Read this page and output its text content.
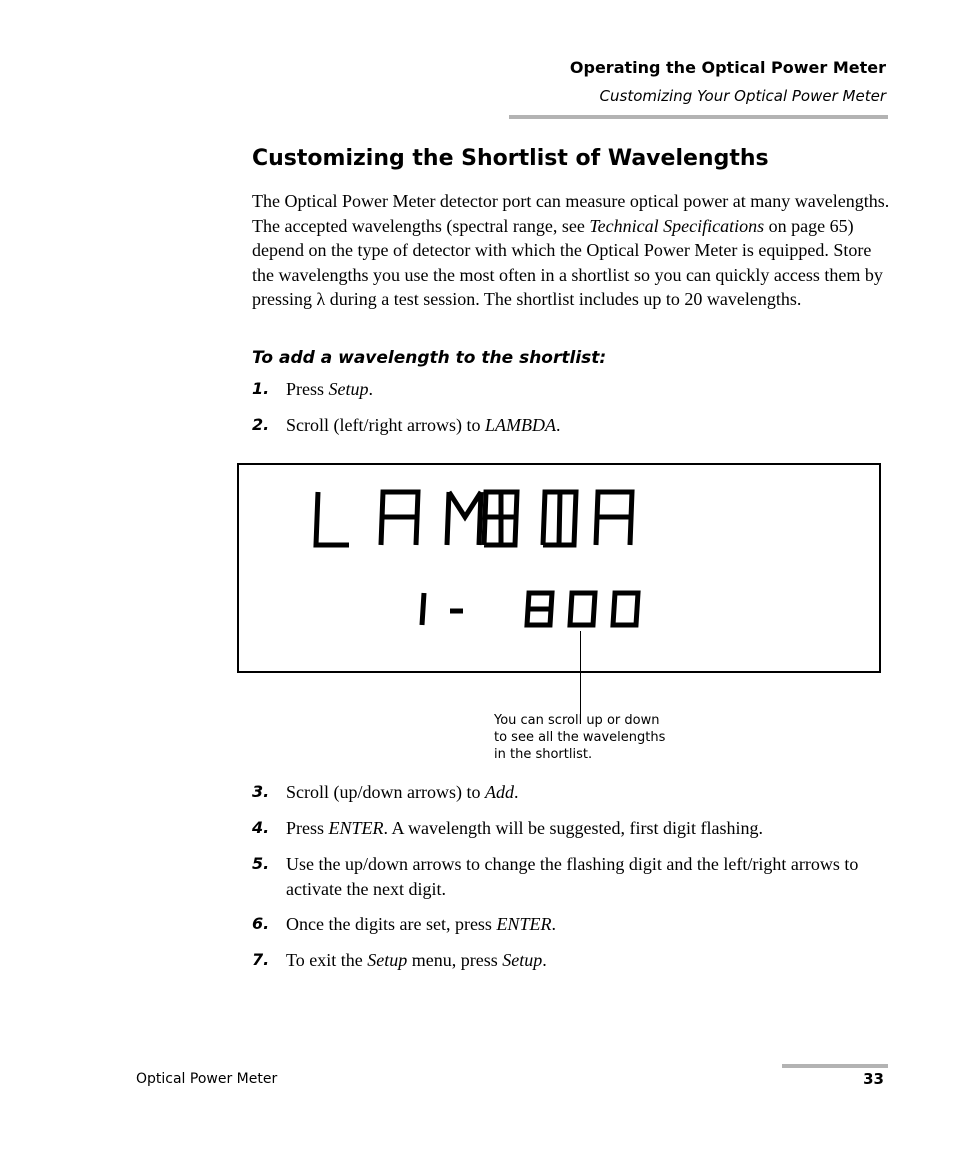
Operating the Optical Power Meter
Customizing Your Optical Power Meter
Customizing the Shortlist of Wavelengths

The Optical Power Meter detector port can measure optical power at many wavelengths. The accepted wavelengths (spectral range, see Technical Specifications on page 65) depend on the type of detector with which the Optical Power Meter is equipped. Store the wavelengths you use the most often in a shortlist so you can quickly access them by pressing λ during a test session. The shortlist includes up to 20 wavelengths.

To add a wavelength to the shortlist:
1. Press Setup.
2. Scroll (left/right arrows) to LAMBDA.
You can scroll up or down
to see all the wavelengths
in the shortlist.
3. Scroll (up/down arrows) to Add.
4. Press ENTER. A wavelength will be suggested, first digit flashing.
5. Use the up/down arrows to change the flashing digit and the left/right arrows to activate the next digit.
6. Once the digits are set, press ENTER.
7. To exit the Setup menu, press Setup.
Optical Power Meter	33
